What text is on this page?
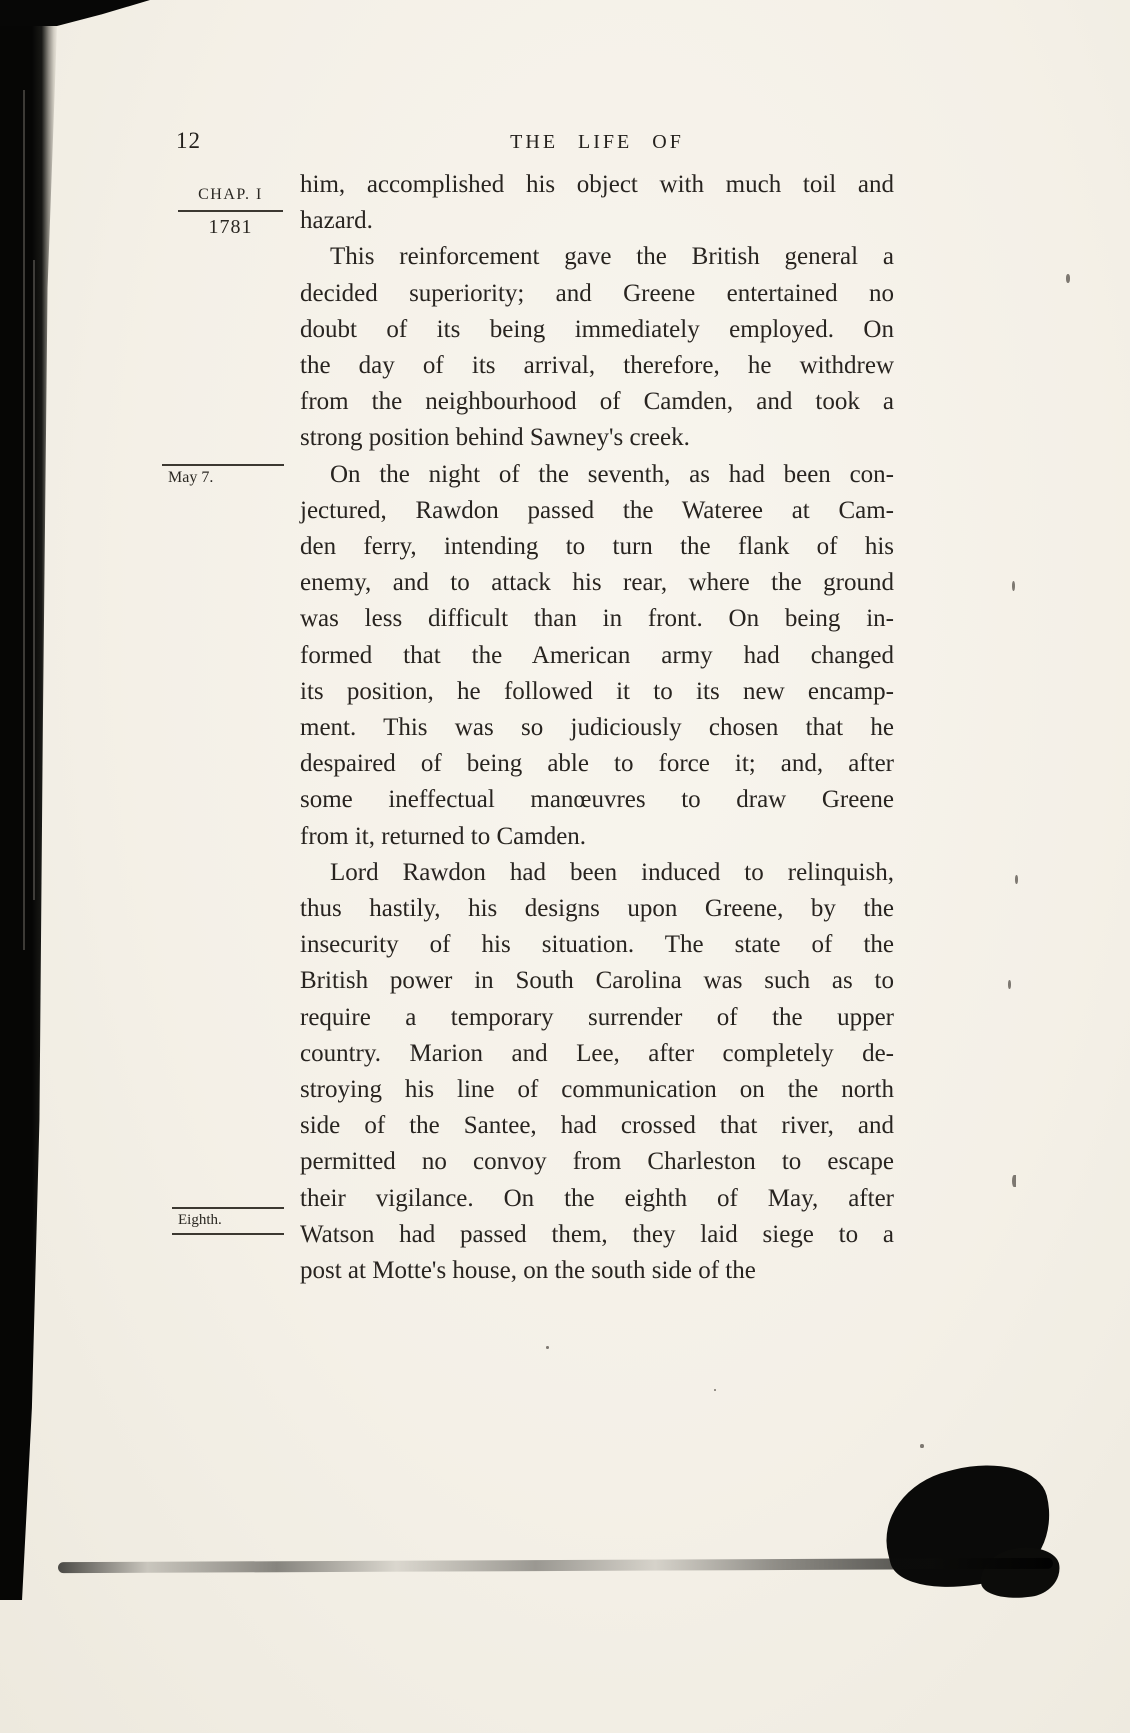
12	THE LIFE OF
CHAP. I
1781
May 7.
Eighth.
him, accomplished his object with much toil and
hazard.
This reinforcement gave the British general a
decided superiority; and Greene entertained no
doubt of its being immediately employed. On
the day of its arrival, therefore, he withdrew
from the neighbourhood of Camden, and took a
strong position behind Sawney's creek.
On the night of the seventh, as had been con-
jectured, Rawdon passed the Wateree at Cam-
den ferry, intending to turn the flank of his
enemy, and to attack his rear, where the ground
was less difficult than in front. On being in-
formed that the American army had changed
its position, he followed it to its new encamp-
ment. This was so judiciously chosen that he
despaired of being able to force it; and, after
some ineffectual manœuvres to draw Greene
from it, returned to Camden.
Lord Rawdon had been induced to relinquish,
thus hastily, his designs upon Greene, by the
insecurity of his situation. The state of the
British power in South Carolina was such as to
require a temporary surrender of the upper
country. Marion and Lee, after completely de-
stroying his line of communication on the north
side of the Santee, had crossed that river, and
permitted no convoy from Charleston to escape
their vigilance. On the eighth of May, after
Watson had passed them, they laid siege to a
post at Motte's house, on the south side of the
